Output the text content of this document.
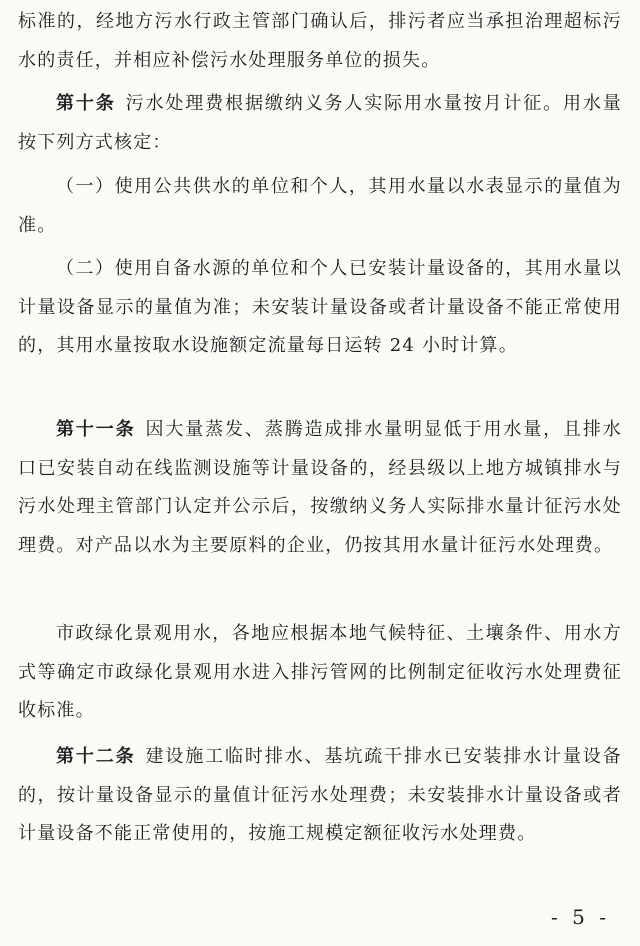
标准的，经地方污水行政主管部门确认后，排污者应当承担治理超标污水的责任，并相应补偿污水处理服务单位的损失。

第十条 污水处理费根据缴纳义务人实际用水量按月计征。用水量按下列方式核定：

（一）使用公共供水的单位和个人，其用水量以水表显示的量值为准。

（二）使用自备水源的单位和个人已安装计量设备的，其用水量以计量设备显示的量值为准；未安装计量设备或者计量设备不能正常使用的，其用水量按取水设施额定流量每日运转 24 小时计算。

第十一条 因大量蒸发、蒸腾造成排水量明显低于用水量，且排水口已安装自动在线监测设施等计量设备的，经县级以上地方城镇排水与污水处理主管部门认定并公示后，按缴纳义务人实际排水量计征污水处理费。对产品以水为主要原料的企业，仍按其用水量计征污水处理费。

市政绿化景观用水，各地应根据本地气候特征、土壤条件、用水方式等确定市政绿化景观用水进入排污管网的比例制定征收污水处理费征收标准。

第十二条 建设施工临时排水、基坑疏干排水已安装排水计量设备的，按计量设备显示的量值计征污水处理费；未安装排水计量设备或者计量设备不能正常使用的，按施工规模定额征收污水处理费。

- 5 -
